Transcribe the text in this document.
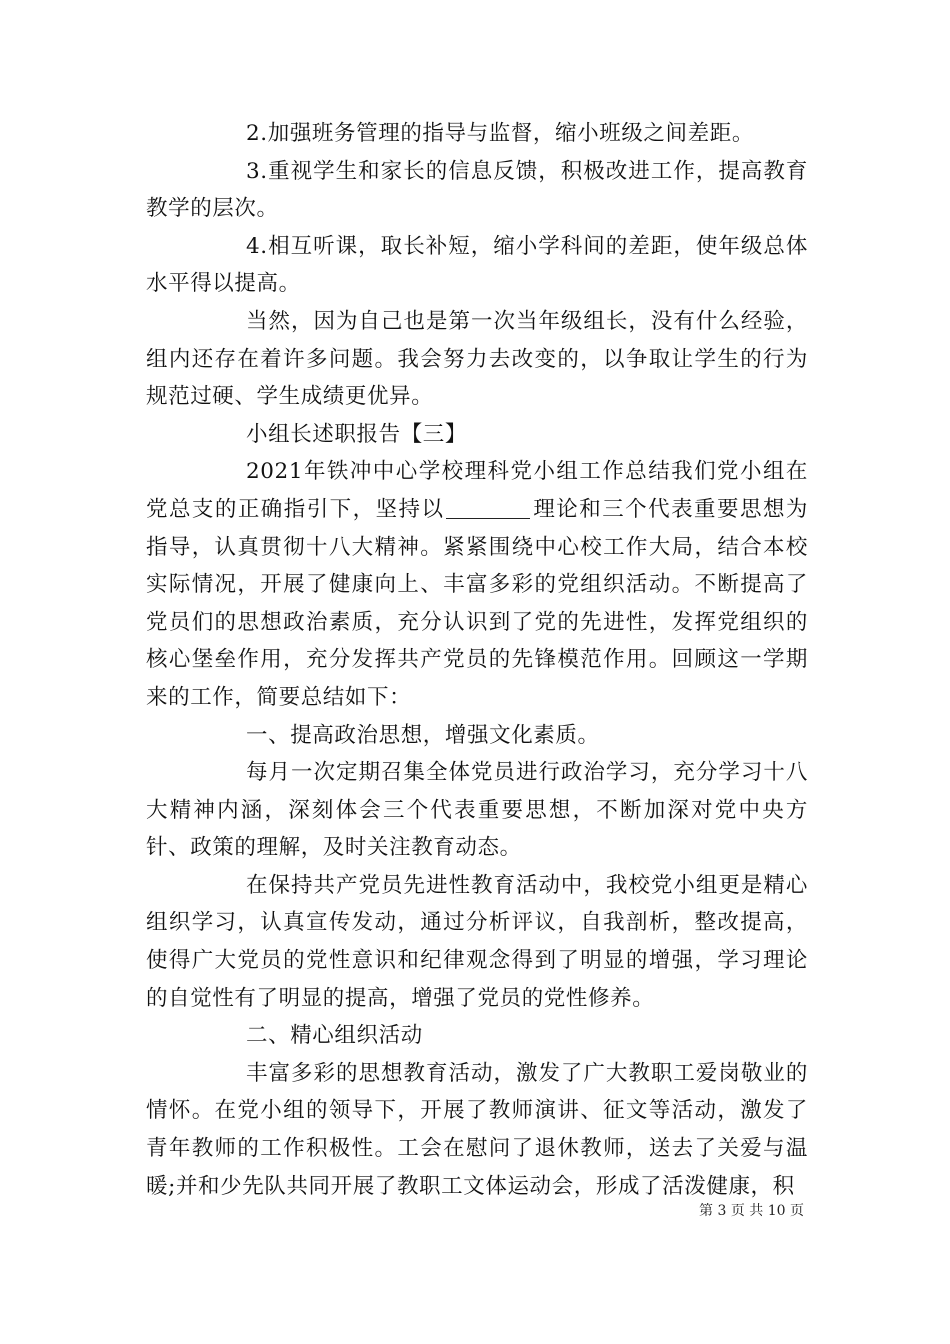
2.加强班务管理的指导与监督，缩小班级之间差距。

3.重视学生和家长的信息反馈，积极改进工作，提高教育教学的层次。

4.相互听课，取长补短，缩小学科间的差距，使年级总体水平得以提高。

当然，因为自己也是第一次当年级组长，没有什么经验，组内还存在着许多问题。我会努力去改变的，以争取让学生的行为规范过硬、学生成绩更优异。

小组长述职报告【三】

2021年铁冲中心学校理科党小组工作总结我们党小组在党总支的正确指引下，坚持以	理论和三个代表重要思想为指导，认真贯彻十八大精神。紧紧围绕中心校工作大局，结合本校实际情况，开展了健康向上、丰富多彩的党组织活动。不断提高了党员们的思想政治素质，充分认识到了党的先进性，发挥党组织的核心堡垒作用，充分发挥共产党员的先锋模范作用。回顾这一学期来的工作，简要总结如下：

一、提高政治思想，增强文化素质。

每月一次定期召集全体党员进行政治学习，充分学习十八大精神内涵，深刻体会三个代表重要思想，不断加深对党中央方针、政策的理解，及时关注教育动态。

在保持共产党员先进性教育活动中，我校党小组更是精心组织学习，认真宣传发动，通过分析评议，自我剖析，整改提高，使得广大党员的党性意识和纪律观念得到了明显的增强，学习理论的自觉性有了明显的提高，增强了党员的党性修养。

二、精心组织活动

丰富多彩的思想教育活动，激发了广大教职工爱岗敬业的情怀。在党小组的领导下，开展了教师演讲、征文等活动，激发了青年教师的工作积极性。工会在慰问了退休教师，送去了关爱与温暖;并和少先队共同开展了教职工文体运动会，形成了活泼健康，积

第 3 页 共 10 页
